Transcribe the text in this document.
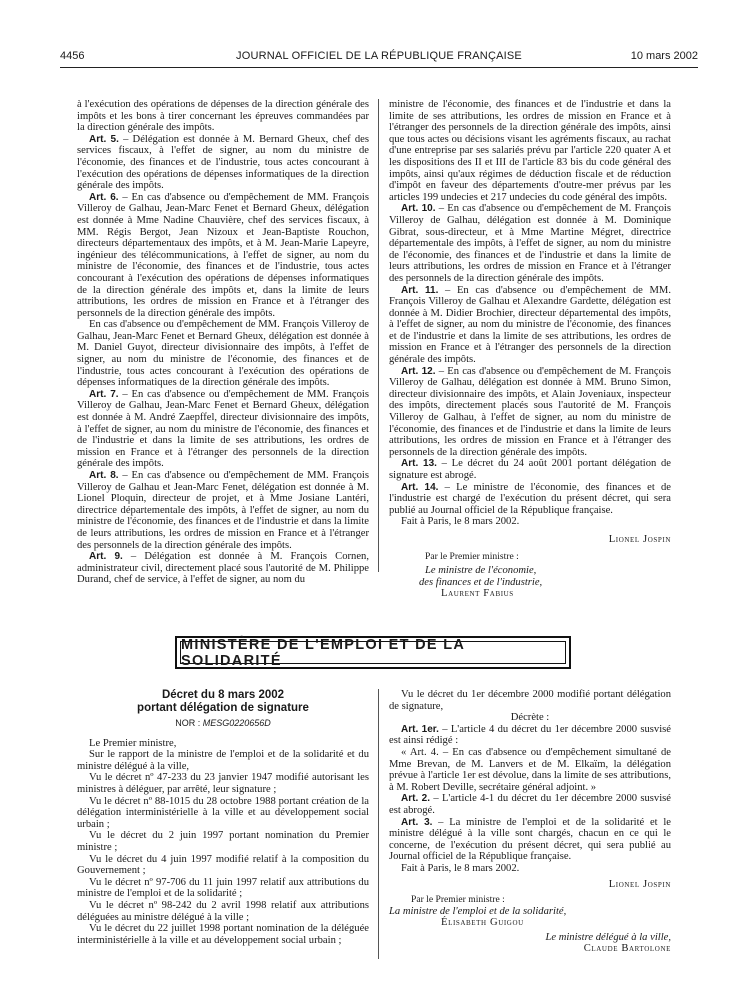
4456	JOURNAL OFFICIEL DE LA RÉPUBLIQUE FRANÇAISE	10 mars 2002

à l'exécution des opérations de dépenses de la direction générale des impôts et les bons à tirer concernant les épreuves commandées par la direction générale des impôts.

Art. 5. – Délégation est donnée à M. Bernard Gheux, chef des services fiscaux, à l'effet de signer, au nom du ministre de l'économie, des finances et de l'industrie, tous actes concourant à l'exécution des opérations de dépenses informatiques de la direction générale des impôts.

Art. 6. – En cas d'absence ou d'empêchement de MM. François Villeroy de Galhau, Jean-Marc Fenet et Bernard Gheux, délégation est donnée à Mme Nadine Chauvière, chef des services fiscaux, à MM. Régis Bergot, Jean Nizoux et Jean-Baptiste Rouchon, directeurs départementaux des impôts, et à M. Jean-Marie Lapeyre, ingénieur des télécommunications, à l'effet de signer, au nom du ministre de l'économie, des finances et de l'industrie, tous actes concourant à l'exécution des opérations de dépenses informatiques de la direction générale des impôts et, dans la limite de leurs attributions, les ordres de mission en France et à l'étranger des personnels de la direction générale des impôts.

En cas d'absence ou d'empêchement de MM. François Villeroy de Galhau, Jean-Marc Fenet et Bernard Gheux, délégation est donnée à M. Daniel Guyot, directeur divisionnaire des impôts, à l'effet de signer, au nom du ministre de l'économie, des finances et de l'industrie, tous actes concourant à l'exécution des opérations de dépenses informatiques de la direction générale des impôts.

Art. 7. – En cas d'absence ou d'empêchement de MM. François Villeroy de Galhau, Jean-Marc Fenet et Bernard Gheux, délégation est donnée à M. André Zaepffel, directeur divisionnaire des impôts, à l'effet de signer, au nom du ministre de l'économie, des finances et de l'industrie et dans la limite de ses attributions, les ordres de mission en France et à l'étranger des personnels de la direction générale des impôts.

Art. 8. – En cas d'absence ou d'empêchement de MM. François Villeroy de Galhau et Jean-Marc Fenet, délégation est donnée à M. Lionel Ploquin, directeur de projet, et à Mme Josiane Lantéri, directrice départementale des impôts, à l'effet de signer, au nom du ministre de l'économie, des finances et de l'industrie et dans la limite de leurs attributions, les ordres de mission en France et à l'étranger des personnels de la direction générale des impôts.

Art. 9. – Délégation est donnée à M. François Cornen, administrateur civil, directement placé sous l'autorité de M. Philippe Durand, chef de service, à l'effet de signer, au nom du

ministre de l'économie, des finances et de l'industrie et dans la limite de ses attributions, les ordres de mission en France et à l'étranger des personnels de la direction générale des impôts, ainsi que tous actes ou décisions visant les agréments fiscaux, au rachat d'une entreprise par ses salariés prévu par l'article 220 quater A et les dispositions des II et III de l'article 83 bis du code général des impôts, ainsi qu'aux régimes de déduction fiscale et de réduction d'impôt en faveur des départements d'outre-mer prévus par les articles 199 undecies et 217 undecies du code général des impôts.

Art. 10. – En cas d'absence ou d'empêchement de M. François Villeroy de Galhau, délégation est donnée à M. Dominique Gibrat, sous-directeur, et à Mme Martine Mégret, directrice départementale des impôts, à l'effet de signer, au nom du ministre de l'économie, des finances et de l'industrie et dans la limite de leurs attributions, les ordres de mission en France et à l'étranger des personnels de la direction générale des impôts.

Art. 11. – En cas d'absence ou d'empêchement de MM. François Villeroy de Galhau et Alexandre Gardette, délégation est donnée à M. Didier Brochier, directeur départemental des impôts, à l'effet de signer, au nom du ministre de l'économie, des finances et de l'industrie et dans la limite de ses attributions, les ordres de mission en France et à l'étranger des personnels de la direction générale des impôts.

Art. 12. – En cas d'absence ou d'empêchement de M. François Villeroy de Galhau, délégation est donnée à MM. Bruno Simon, directeur divisionnaire des impôts, et Alain Joveniaux, inspecteur des impôts, directement placés sous l'autorité de M. François Villeroy de Galhau, à l'effet de signer, au nom du ministre de l'économie, des finances et de l'industrie et dans la limite de leurs attributions, les ordres de mission en France et à l'étranger des personnels de la direction générale des impôts.

Art. 13. – Le décret du 24 août 2001 portant délégation de signature est abrogé.

Art. 14. – Le ministre de l'économie, des finances et de l'industrie est chargé de l'exécution du présent décret, qui sera publié au Journal officiel de la République française.

Fait à Paris, le 8 mars 2002.

Lionel Jospin
Par le Premier ministre :
Le ministre de l'économie,
des finances et de l'industrie,
Laurent Fabius
MINISTÈRE DE L'EMPLOI ET DE LA SOLIDARITÉ
Décret du 8 mars 2002
portant délégation de signature
NOR : MESG0220656D

Le Premier ministre,

Sur le rapport de la ministre de l'emploi et de la solidarité et du ministre délégué à la ville,

Vu le décret nº 47-233 du 23 janvier 1947 modifié autorisant les ministres à déléguer, par arrêté, leur signature ;

Vu le décret nº 88-1015 du 28 octobre 1988 portant création de la délégation interministérielle à la ville et au développement social urbain ;

Vu le décret du 2 juin 1997 portant nomination du Premier ministre ;

Vu le décret du 4 juin 1997 modifié relatif à la composition du Gouvernement ;

Vu le décret nº 97-706 du 11 juin 1997 relatif aux attributions du ministre de l'emploi et de la solidarité ;

Vu le décret nº 98-242 du 2 avril 1998 relatif aux attributions déléguées au ministre délégué à la ville ;

Vu le décret du 22 juillet 1998 portant nomination de la déléguée interministérielle à la ville et au développement social urbain ;

Vu le décret du 1er décembre 2000 modifié portant délégation de signature,

Décrète :

Art. 1er. – L'article 4 du décret du 1er décembre 2000 susvisé est ainsi rédigé :

« Art. 4. – En cas d'absence ou d'empêchement simultané de Mme Brevan, de M. Lanvers et de M. Elkaïm, la délégation prévue à l'article 1er est dévolue, dans la limite de ses attributions, à M. Robert Deville, secrétaire général adjoint. »

Art. 2. – L'article 4-1 du décret du 1er décembre 2000 susvisé est abrogé.

Art. 3. – La ministre de l'emploi et de la solidarité et le ministre délégué à la ville sont chargés, chacun en ce qui le concerne, de l'exécution du présent décret, qui sera publié au Journal officiel de la République française.

Fait à Paris, le 8 mars 2002.

Lionel Jospin
Par le Premier ministre :
La ministre de l'emploi et de la solidarité,
Élisabeth Guigou
Le ministre délégué à la ville,
Claude Bartolone
